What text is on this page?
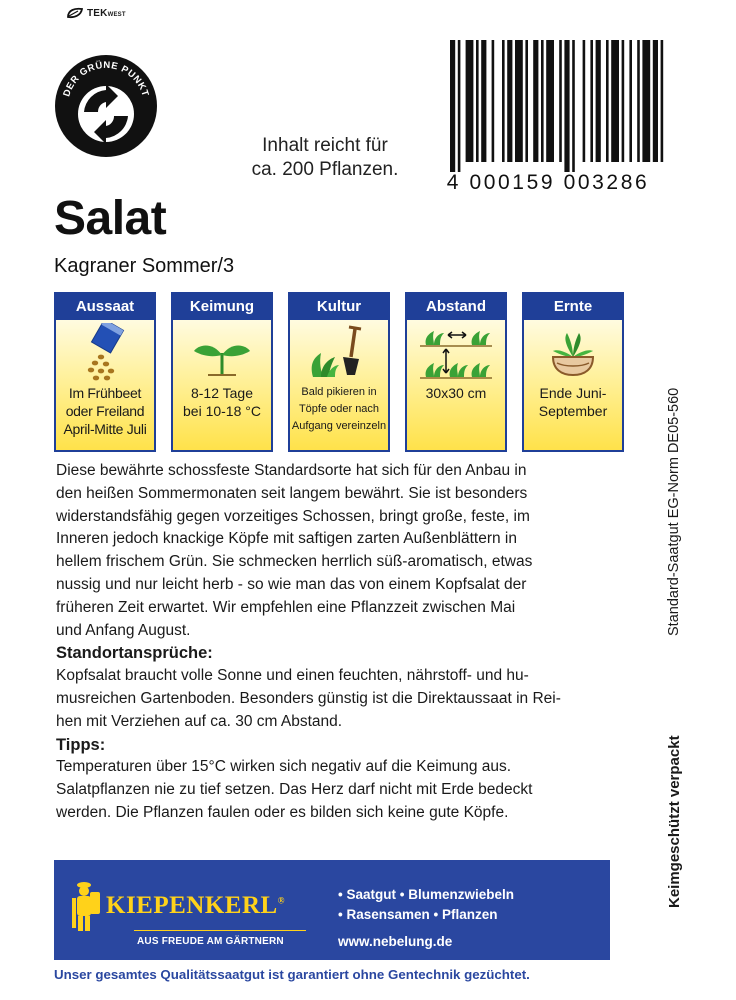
TEKWEST
DER GRÜNE PUNKT
Inhalt reicht für
ca. 200 Pflanzen.
4 000159 003286
Salat
Kagraner Sommer/3
Aussaat
Im Frühbeet
oder Freiland
April-Mitte Juli
Keimung
8-12 Tage
bei 10-18 °C
Kultur
Bald pikieren in
Töpfe oder nach
Aufgang vereinzeln
Abstand
30x30 cm
Ernte
Ende Juni-
September
Diese bewährte schossfeste Standardsorte hat sich für den Anbau in
den heißen Sommermonaten seit langem bewährt. Sie ist besonders
widerstandsfähig gegen vorzeitiges Schossen, bringt große, feste, im
Inneren jedoch knackige Köpfe mit saftigen zarten Außenblättern in
hellem frischem Grün. Sie schmecken herrlich süß-aromatisch, etwas
nussig und nur leicht herb - so wie man das von einem Kopfsalat der
früheren Zeit erwartet. Wir empfehlen eine Pflanzzeit zwischen Mai
und Anfang August.
Standortansprüche:
Kopfsalat braucht volle Sonne und einen feuchten, nährstoff- und hu-
musreichen Gartenboden. Besonders günstig ist die Direktaussaat in Rei-
hen mit Verziehen auf ca. 30 cm Abstand.
Tipps:
Temperaturen über 15°C wirken sich negativ auf die Keimung aus.
Salatpflanzen nie zu tief setzen. Das Herz darf nicht mit Erde bedeckt
werden. Die Pflanzen faulen oder es bilden sich keine gute Köpfe.
Standard-Saatgut EG-Norm DE05-560
Keimgeschützt verpackt
KIEPENKERL®
AUS FREUDE AM GÄRTNERN
• Saatgut • Blumenzwiebeln
• Rasensamen • Pflanzen
www.nebelung.de
Unser gesamtes Qualitätssaatgut ist garantiert ohne Gentechnik gezüchtet.
